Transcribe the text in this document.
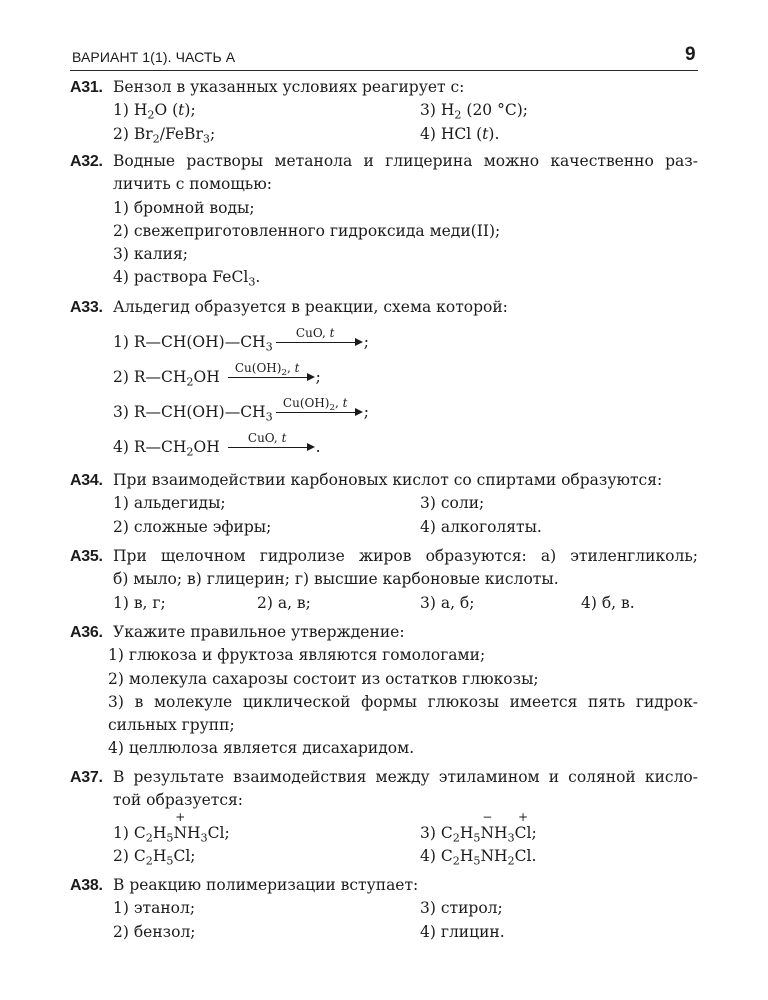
ВАРИАНТ 1(1). ЧАСТЬ А	9
А31. Бензол в указанных условиях реагирует с:
1) $H_2O$ (t);
2) $Br_2/FeBr_3$;
3) $H_2$ (20 °C);
4) HCl (t).
А32. Водные растворы метанола и глицерина можно качественно раз-
личить с помощью:
1) бромной воды;
2) свежеприготовленного гидроксида меди(II);
3) калия;
4) раствора FeCl$_3$.
А33. Альдегид образуется в реакции, схема которой:
1) $R—CH(OH)—CH_3$
CuO, t	;
2) $R—CH_2OH$ $Cu(OH)_2$, t	;
3) $R—CH(OH)—CH_3$
$Cu(OH)_2$, t	;
4) $R—CH_2OH$	CuO, t	.
А34. При взаимодействии карбоновых кислот со спиртами образуются:
1) альдегиды;
2) сложные эфиры;
3) соли;
4) алкоголяты.
А35. При щелочном гидролизе жиров образуются: а) этиленгликоль;
б) мыло; в) глицерин; г) высшие карбоновые кислоты.
1) в, г;	2) а, в;	3) а, б;	4) б, в.
А36. Укажите правильное утверждение:
1) глюкоза и фруктоза являются гомологами;
2) молекула сахарозы состоит из остатков глюкозы;
3) в молекуле циклической формы глюкозы имеется пять гидрок-
сильных групп;
4) целлюлоза является дисахаридом.
А37. В результате взаимодействия между этиламином и соляной кисло-
той образуется:
1) $C_2H_5N$
+
$H_3Cl$;
2) $C_2H_5Cl$;
3) $C_2H_5N$
−
$H_3Cl$
+
;
4) $C_2H_5NH_2Cl$.
А38. В реакцию полимеризации вступает:
1) этанол;
2) бензол;
3) стирол;
4) глицин.
